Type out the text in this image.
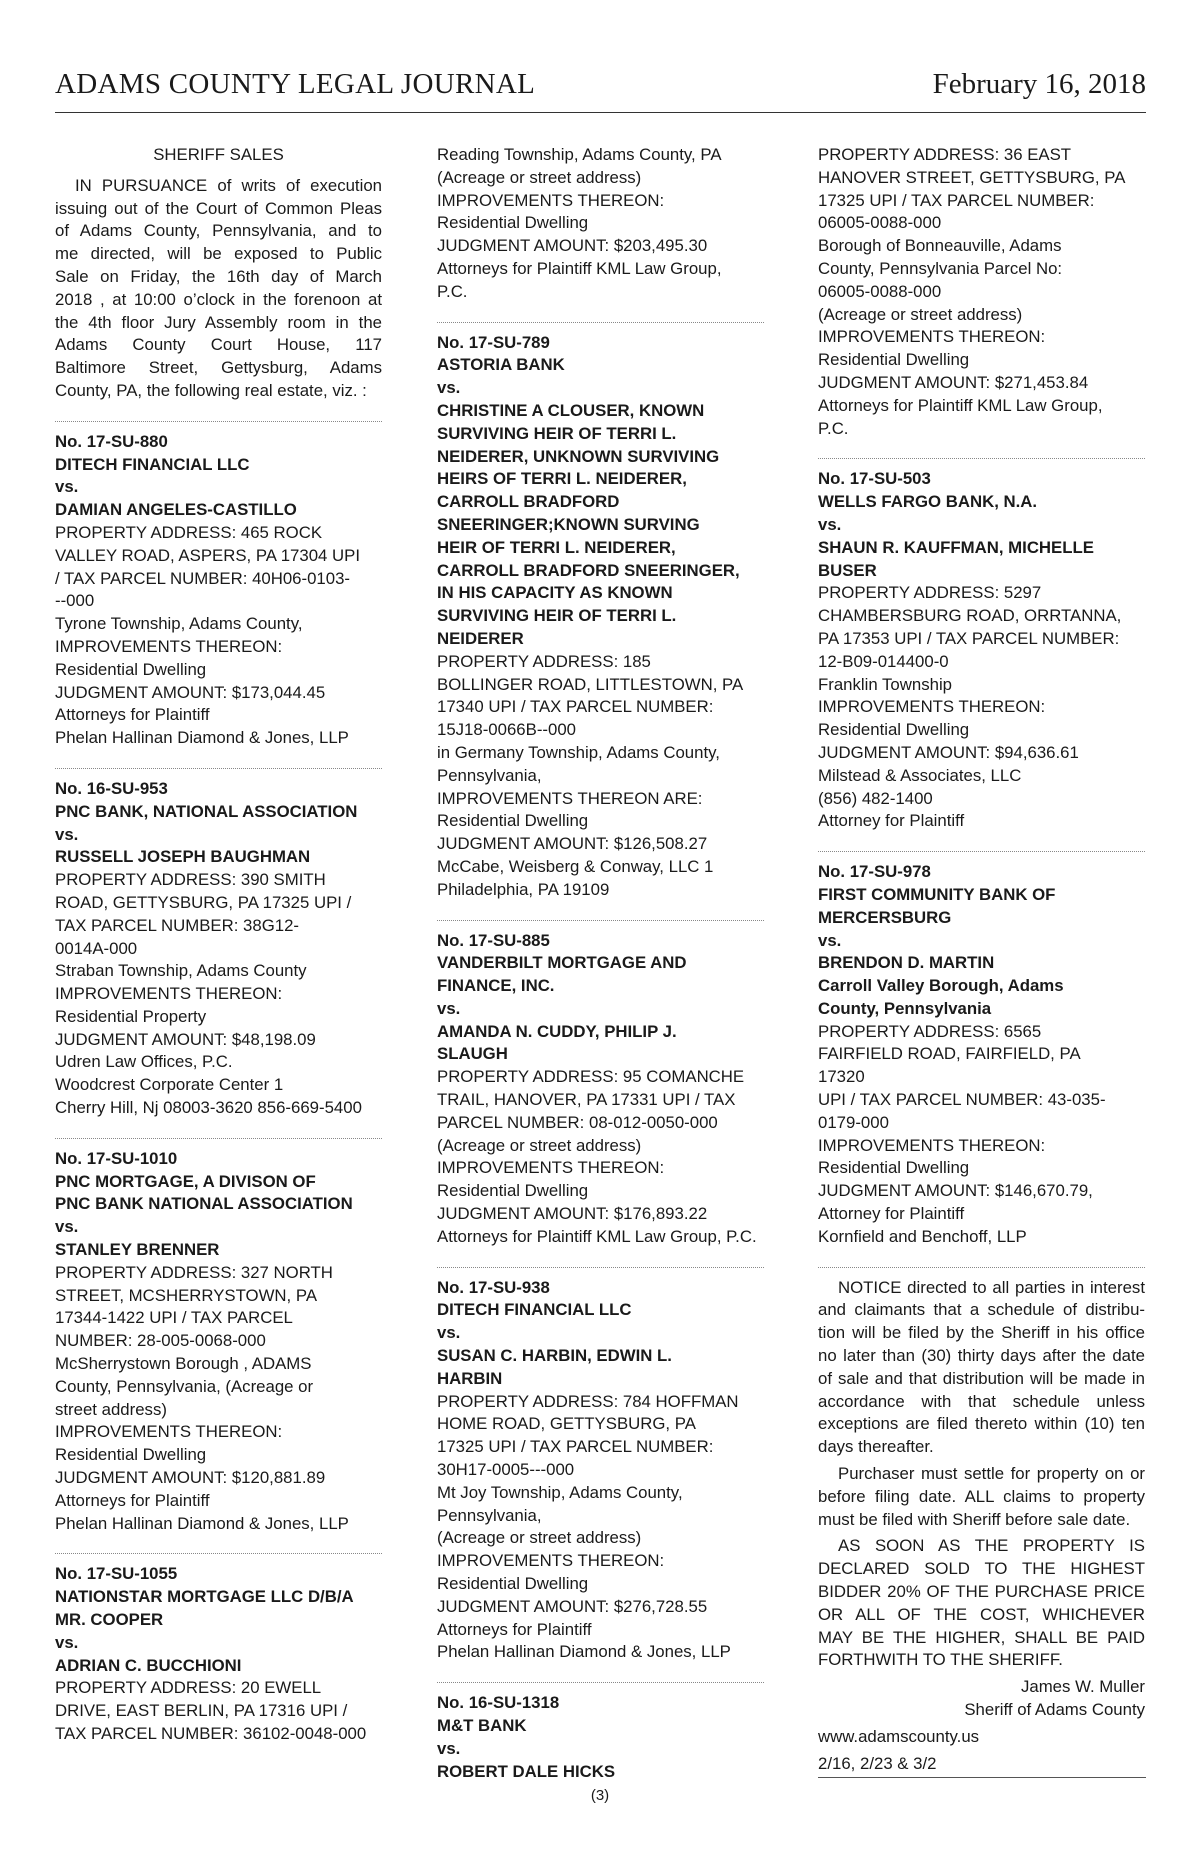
ADAMS COUNTY LEGAL JOURNAL	February 16, 2018
SHERIFF SALES
IN PURSUANCE of writs of execution
issuing out of the Court of Common Pleas
of Adams County, Pennsylvania, and to
me directed, will be exposed to Public
Sale on Friday, the 16th day of March
2018 , at 10:00 o’clock in the forenoon at
the 4th floor Jury Assembly room in the
Adams County Court House, 117
Baltimore Street, Gettysburg, Adams
County, PA, the following real estate, viz. :
No. 17-SU-880
DITECH FINANCIAL LLC
vs.
DAMIAN ANGELES-CASTILLO
PROPERTY ADDRESS: 465 ROCK
VALLEY ROAD, ASPERS, PA 17304 UPI
/ TAX PARCEL NUMBER: 40H06-0103-
--000
Tyrone Township, Adams County,
IMPROVEMENTS THEREON:
Residential Dwelling
JUDGMENT AMOUNT: $173,044.45
Attorneys for Plaintiff
Phelan Hallinan Diamond & Jones, LLP
No. 16-SU-953
PNC BANK, NATIONAL ASSOCIATION
vs.
RUSSELL JOSEPH BAUGHMAN
PROPERTY ADDRESS: 390 SMITH
ROAD, GETTYSBURG, PA 17325 UPI /
TAX PARCEL NUMBER: 38G12-
0014A-000
Straban Township, Adams County
IMPROVEMENTS THEREON:
Residential Property
JUDGMENT AMOUNT: $48,198.09
Udren Law Offices, P.C.
Woodcrest Corporate Center 1
Cherry Hill, Nj 08003-3620 856-669-5400
No. 17-SU-1010
PNC MORTGAGE, A DIVISON OF
PNC BANK NATIONAL ASSOCIATION
vs.
STANLEY BRENNER
PROPERTY ADDRESS: 327 NORTH
STREET, MCSHERRYSTOWN, PA
17344-1422 UPI / TAX PARCEL
NUMBER: 28-005-0068-000
McSherrystown Borough , ADAMS
County, Pennsylvania, (Acreage or
street address)
IMPROVEMENTS THEREON:
Residential Dwelling
JUDGMENT AMOUNT: $120,881.89
Attorneys for Plaintiff
Phelan Hallinan Diamond & Jones, LLP
No. 17-SU-1055
NATIONSTAR MORTGAGE LLC D/B/A
MR. COOPER
vs.
ADRIAN C. BUCCHIONI
PROPERTY ADDRESS: 20 EWELL
DRIVE, EAST BERLIN, PA 17316 UPI /
TAX PARCEL NUMBER: 36102-0048-000
Reading Township, Adams County, PA
(Acreage or street address)
IMPROVEMENTS THEREON:
Residential Dwelling
JUDGMENT AMOUNT: $203,495.30
Attorneys for Plaintiff KML Law Group,
P.C.
No. 17-SU-789
ASTORIA BANK
vs.
CHRISTINE A CLOUSER, KNOWN
SURVIVING HEIR OF TERRI L.
NEIDERER, UNKNOWN SURVIVING
HEIRS OF TERRI L. NEIDERER,
CARROLL BRADFORD
SNEERINGER;KNOWN SURVING
HEIR OF TERRI L. NEIDERER,
CARROLL BRADFORD SNEERINGER,
IN HIS CAPACITY AS KNOWN
SURVIVING HEIR OF TERRI L.
NEIDERER
PROPERTY ADDRESS: 185
BOLLINGER ROAD, LITTLESTOWN, PA
17340 UPI / TAX PARCEL NUMBER:
15J18-0066B--000
in Germany Township, Adams County,
Pennsylvania,
IMPROVEMENTS THEREON ARE:
Residential Dwelling
JUDGMENT AMOUNT: $126,508.27
McCabe, Weisberg & Conway, LLC 1
Philadelphia, PA 19109
No. 17-SU-885
VANDERBILT MORTGAGE AND
FINANCE, INC.
vs.
AMANDA N. CUDDY, PHILIP J.
SLAUGH
PROPERTY ADDRESS: 95 COMANCHE
TRAIL, HANOVER, PA 17331 UPI / TAX
PARCEL NUMBER: 08-012-0050-000
(Acreage or street address)
IMPROVEMENTS THEREON:
Residential Dwelling
JUDGMENT AMOUNT: $176,893.22
Attorneys for Plaintiff KML Law Group, P.C.
No. 17-SU-938
DITECH FINANCIAL LLC
vs.
SUSAN C. HARBIN, EDWIN L.
HARBIN
PROPERTY ADDRESS: 784 HOFFMAN
HOME ROAD, GETTYSBURG, PA
17325 UPI / TAX PARCEL NUMBER:
30H17-0005---000
Mt Joy Township, Adams County,
Pennsylvania,
(Acreage or street address)
IMPROVEMENTS THEREON:
Residential Dwelling
JUDGMENT AMOUNT: $276,728.55
Attorneys for Plaintiff
Phelan Hallinan Diamond & Jones, LLP
No. 16-SU-1318
M&T BANK
vs.
ROBERT DALE HICKS
PROPERTY ADDRESS: 36 EAST
HANOVER STREET, GETTYSBURG, PA
17325 UPI / TAX PARCEL NUMBER:
06005-0088-000
Borough of Bonneauville, Adams
County, Pennsylvania Parcel No:
06005-0088-000
(Acreage or street address)
IMPROVEMENTS THEREON:
Residential Dwelling
JUDGMENT AMOUNT: $271,453.84
Attorneys for Plaintiff KML Law Group,
P.C.
No. 17-SU-503
WELLS FARGO BANK, N.A.
vs.
SHAUN R. KAUFFMAN, MICHELLE
BUSER
PROPERTY ADDRESS: 5297
CHAMBERSBURG ROAD, ORRTANNA,
PA 17353 UPI / TAX PARCEL NUMBER:
12-B09-014400-0
Franklin Township
IMPROVEMENTS THEREON:
Residential Dwelling
JUDGMENT AMOUNT: $94,636.61
Milstead & Associates, LLC
(856) 482-1400
Attorney for Plaintiff
No. 17-SU-978
FIRST COMMUNITY BANK OF
MERCERSBURG
vs.
BRENDON D. MARTIN
Carroll Valley Borough, Adams
County, Pennsylvania
PROPERTY ADDRESS: 6565
FAIRFIELD ROAD, FAIRFIELD, PA
17320
UPI / TAX PARCEL NUMBER: 43-035-
0179-000
IMPROVEMENTS THEREON:
Residential Dwelling
JUDGMENT AMOUNT: $146,670.79,
Attorney for Plaintiff
Kornfield and Benchoff, LLP
NOTICE directed to all parties in interest
and claimants that a schedule of distribu-
tion will be filed by the Sheriff in his office
no later than (30) thirty days after the date
of sale and that distribution will be made in
accordance with that schedule unless
exceptions are filed thereto within (10) ten
days thereafter.
Purchaser must settle for property on or
before filing date. ALL claims to property
must be filed with Sheriff before sale date.
AS SOON AS THE PROPERTY IS
DECLARED SOLD TO THE HIGHEST
BIDDER 20% OF THE PURCHASE PRICE
OR ALL OF THE COST, WHICHEVER
MAY BE THE HIGHER, SHALL BE PAID
FORTHWITH TO THE SHERIFF.
James W. Muller
Sheriff of Adams County
www.adamscounty.us
2/16, 2/23 & 3/2
(3)
